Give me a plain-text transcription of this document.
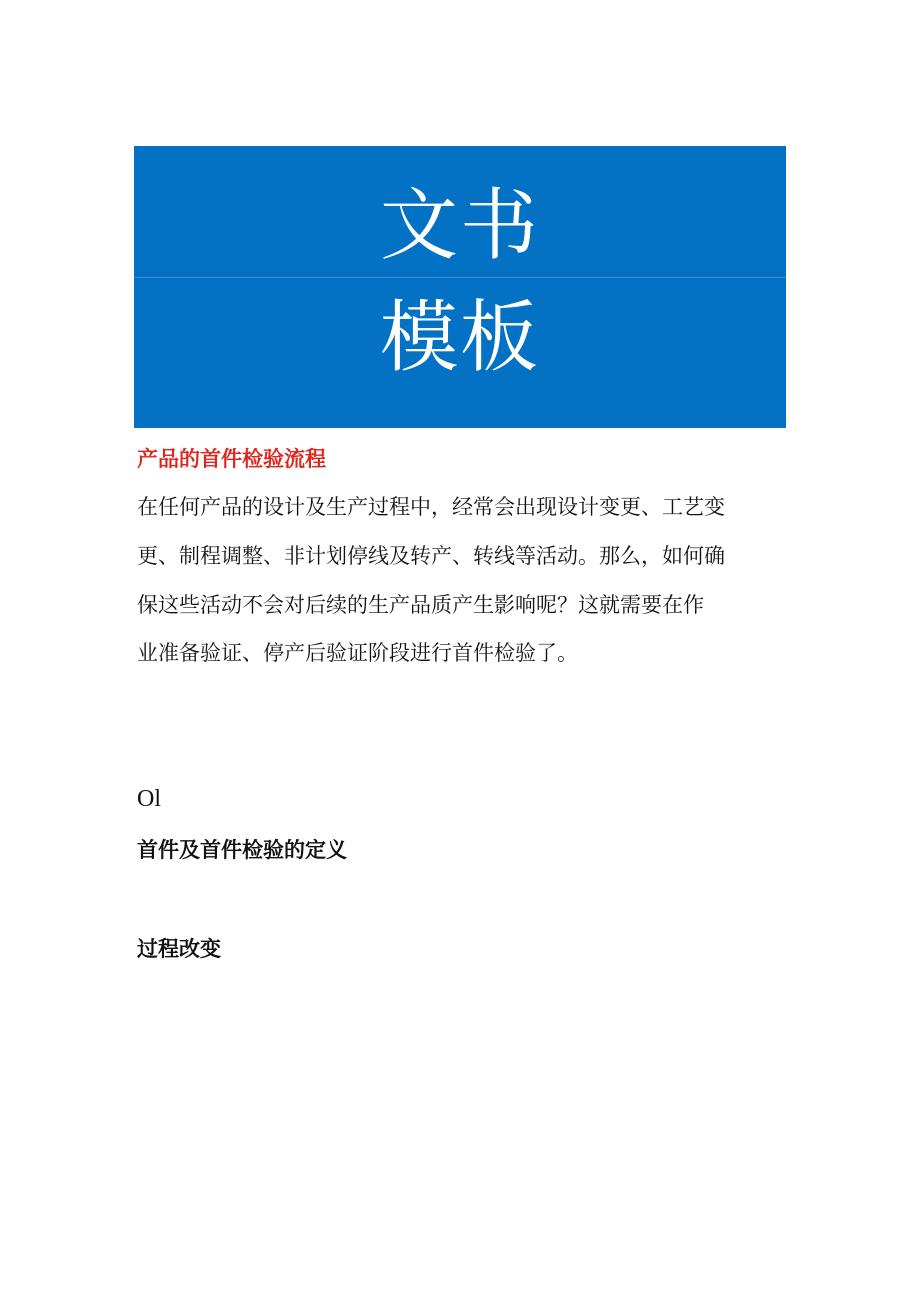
文书
模板
产品的首件检验流程
在任何产品的设计及生产过程中，经常会出现设计变更、工艺变
更、制程调整、非计划停线及转产、转线等活动。那么，如何确
保这些活动不会对后续的生产品质产生影响呢？这就需要在作
业准备验证、停产后验证阶段进行首件检验了。
Ol
首件及首件检验的定义
过程改变
